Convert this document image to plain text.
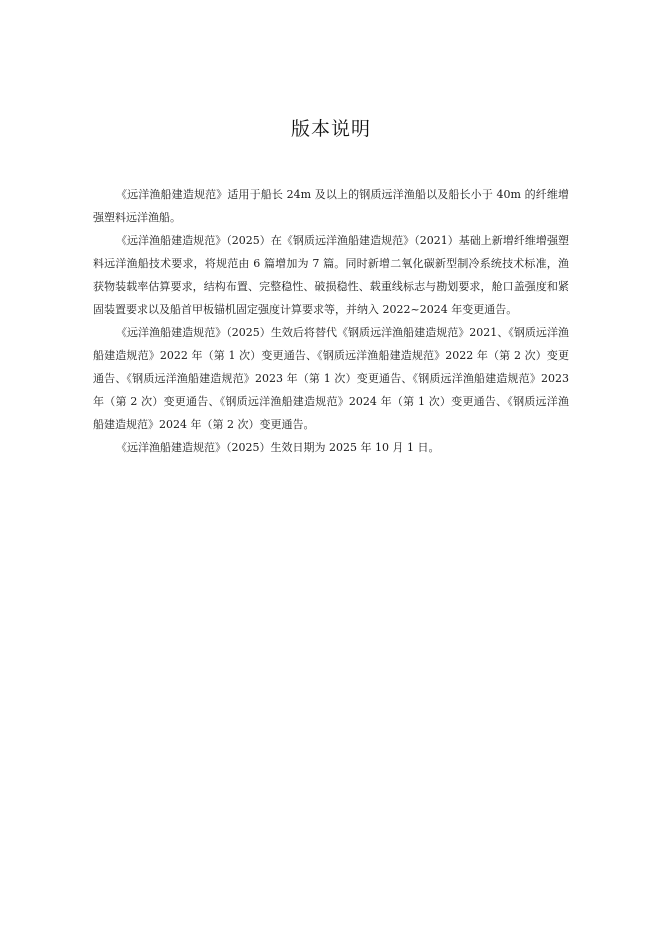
版本说明

《远洋渔船建造规范》适用于船长 24m 及以上的钢质远洋渔船以及船长小于 40m 的纤维增强塑料远洋渔船。

《远洋渔船建造规范》（2025）在《钢质远洋渔船建造规范》（2021）基础上新增纤维增强塑料远洋渔船技术要求，将规范由 6 篇增加为 7 篇。同时新增二氧化碳新型制冷系统技术标准，渔获物装载率估算要求，结构布置、完整稳性、破损稳性、载重线标志与勘划要求，舱口盖强度和紧固装置要求以及船首甲板锚机固定强度计算要求等，并纳入 2022~2024 年变更通告。

《远洋渔船建造规范》（2025）生效后将替代《钢质远洋渔船建造规范》2021、《钢质远洋渔船建造规范》2022 年（第 1 次）变更通告、《钢质远洋渔船建造规范》2022 年（第 2 次）变更通告、《钢质远洋渔船建造规范》2023 年（第 1 次）变更通告、《钢质远洋渔船建造规范》2023 年（第 2 次）变更通告、《钢质远洋渔船建造规范》2024 年（第 1 次）变更通告、《钢质远洋渔船建造规范》2024 年（第 2 次）变更通告。

《远洋渔船建造规范》（2025）生效日期为 2025 年 10 月 1 日。
